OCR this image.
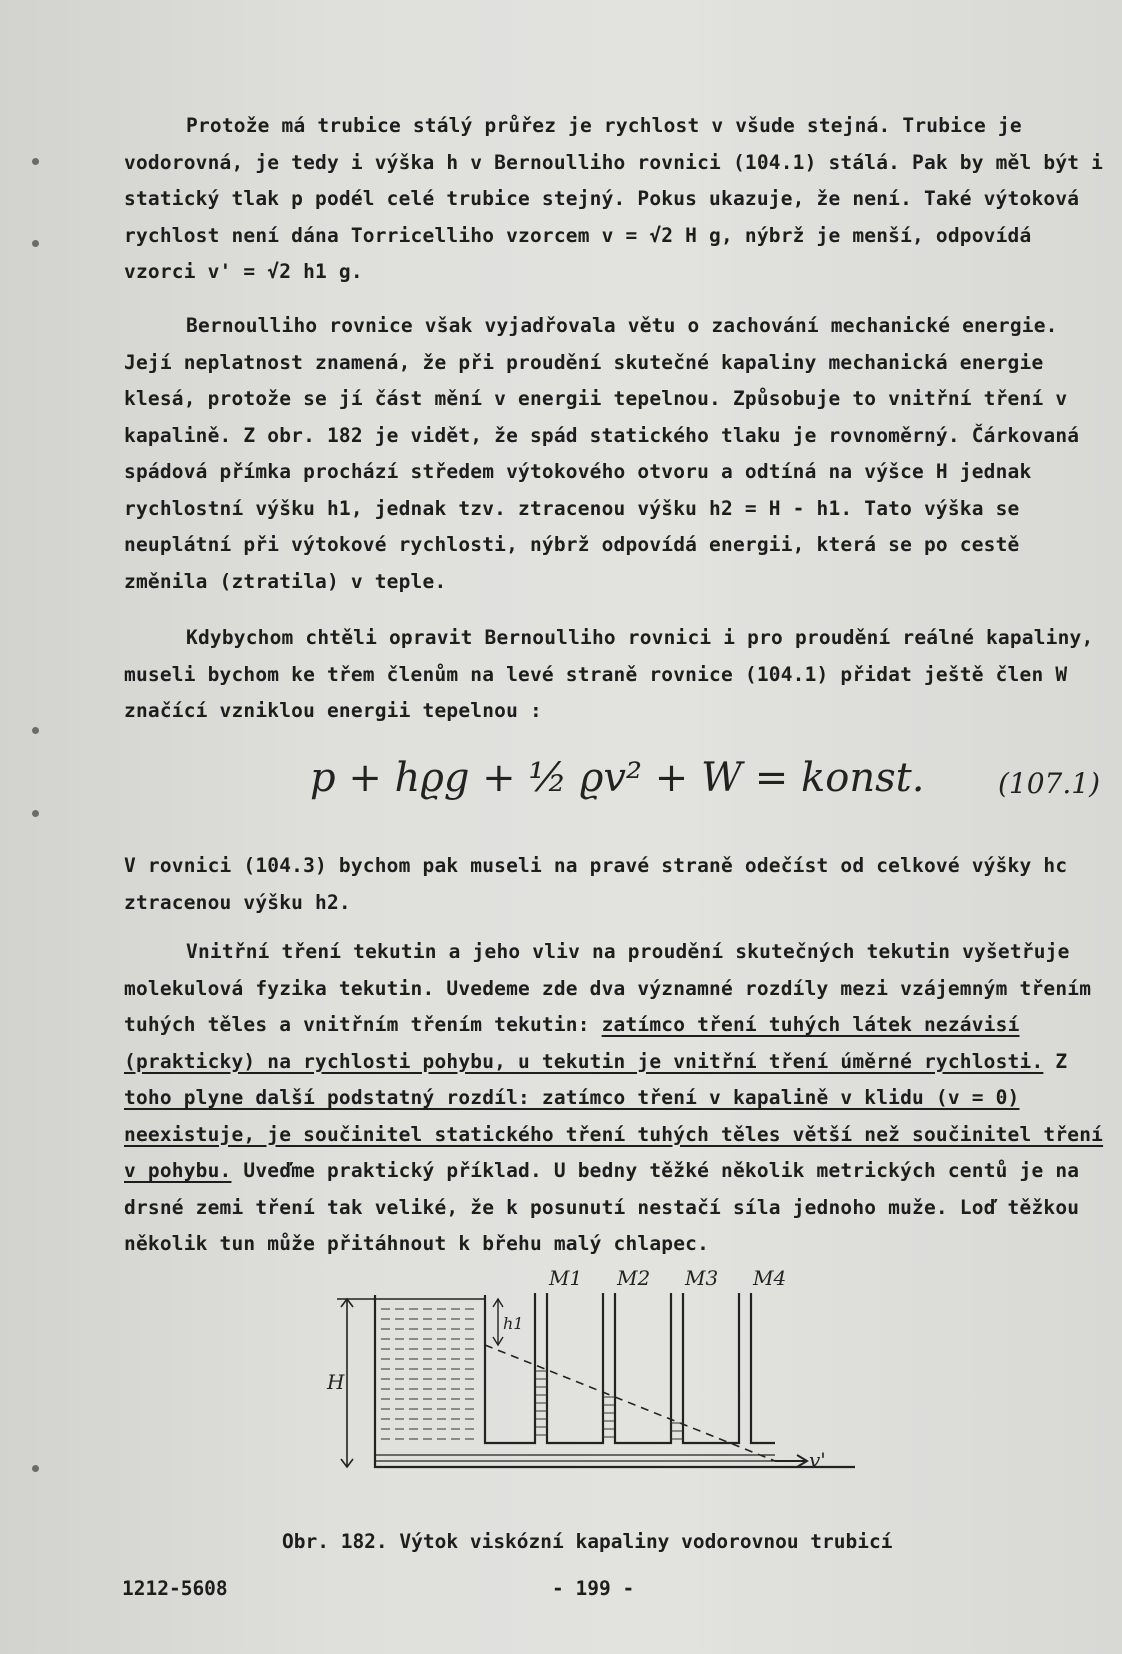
Protože má trubice stálý průřez je rychlost v všude stejná. Trubice je vodorovná, je tedy i výška h v Bernoulliho rovnici (104.1) stálá. Pak by měl být i statický tlak p podél celé trubice stejný. Pokus ukazuje, že není. Také výtoková rychlost není dána Torricelliho vzorcem v = √2 H g, nýbrž je menší, odpovídá vzorci v' = √2 h1 g.

Bernoulliho rovnice však vyjadřovala větu o zachování mechanické energie. Její neplatnost znamená, že při proudění skutečné kapaliny mechanická energie klesá, protože se jí část mění v energii tepelnou. Způsobuje to vnitřní tření v kapalině. Z obr. 182 je vidět, že spád statického tlaku je rovnoměrný. Čárkovaná spádová přímka prochází středem výtokového otvoru a odtíná na výšce H jednak rychlostní výšku h1, jednak tzv. ztracenou výšku h2 = H - h1. Tato výška se neuplátní při výtokové rychlosti, nýbrž odpovídá energii, která se po cestě změnila (ztratila) v teple.

Kdybychom chtěli opravit Bernoulliho rovnici i pro proudění reálné kapaliny, museli bychom ke třem členům na levé straně rovnice (104.1) přidat ještě člen W značící vzniklou energii tepelnou :

p + hϱg + ½ ϱv² + W = konst.	(107.1)

V rovnici (104.3) bychom pak museli na pravé straně odečíst od celkové výšky hc ztracenou výšku h2.

Vnitřní tření tekutin a jeho vliv na proudění skutečných tekutin vyšetřuje molekulová fyzika tekutin. Uvedeme zde dva významné rozdíly mezi vzájemným třením tuhých těles a vnitřním třením tekutin: zatímco tření tuhých látek nezávisí (prakticky) na rychlosti pohybu, u tekutin je vnitřní tření úměrné rychlosti. Z toho plyne další podstatný rozdíl: zatímco tření v kapalině v klidu (v = 0) neexistuje, je součinitel statického tření tuhých těles větší než součinitel tření v pohybu. Uveďme praktický příklad. U bedny těžké několik metrických centů je na drsné zemi tření tak veliké, že k posunutí nestačí síla jednoho muže. Loď těžkou několik tun může přitáhnout k břehu malý chlapec.

M1 M2 M3 M4
H
h1
v'
Obr. 182. Výtok viskózní kapaliny vodorovnou trubicí
1212-5608	- 199 -
